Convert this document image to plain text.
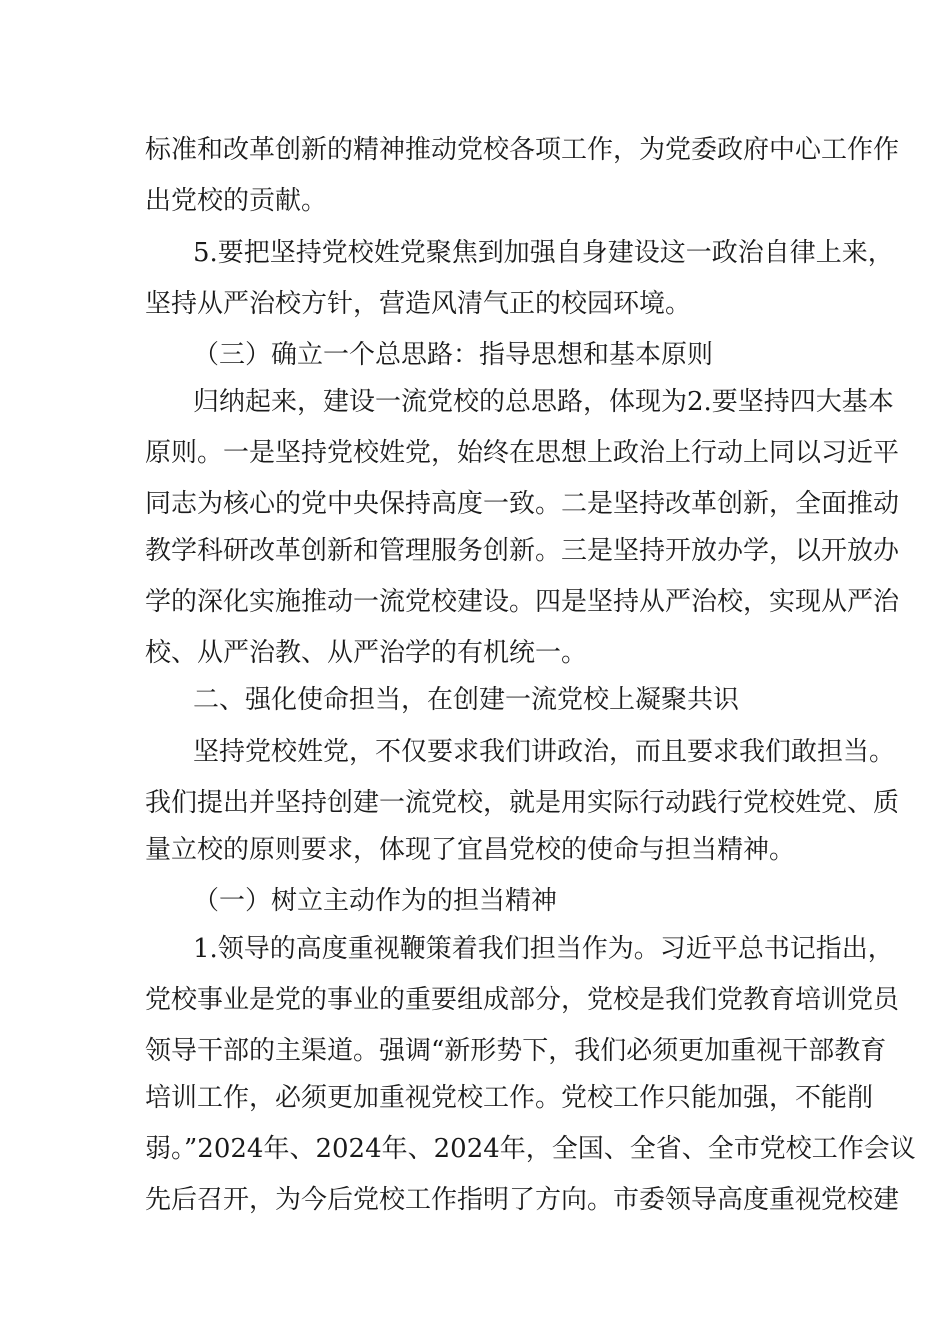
标准和改革创新的精神推动党校各项工作，为党委政府中心工作作
出党校的贡献。
5.要把坚持党校姓党聚焦到加强自身建设这一政治自律上来，
坚持从严治校方针，营造风清气正的校园环境。
（三）确立一个总思路：指导思想和基本原则
归纳起来，建设一流党校的总思路，体现为2.要坚持四大基本
原则。一是坚持党校姓党，始终在思想上政治上行动上同以习近平
同志为核心的党中央保持高度一致。二是坚持改革创新，全面推动
教学科研改革创新和管理服务创新。三是坚持开放办学，以开放办
学的深化实施推动一流党校建设。四是坚持从严治校，实现从严治
校、从严治教、从严治学的有机统一。
二、强化使命担当，在创建一流党校上凝聚共识
坚持党校姓党，不仅要求我们讲政治，而且要求我们敢担当。
我们提出并坚持创建一流党校，就是用实际行动践行党校姓党、质
量立校的原则要求，体现了宜昌党校的使命与担当精神。
（一）树立主动作为的担当精神
1.领导的高度重视鞭策着我们担当作为。习近平总书记指出，
党校事业是党的事业的重要组成部分，党校是我们党教育培训党员
领导干部的主渠道。强调“新形势下，我们必须更加重视干部教育
培训工作，必须更加重视党校工作。党校工作只能加强，不能削
弱。”2024年、2024年、2024年，全国、全省、全市党校工作会议
先后召开，为今后党校工作指明了方向。市委领导高度重视党校建
